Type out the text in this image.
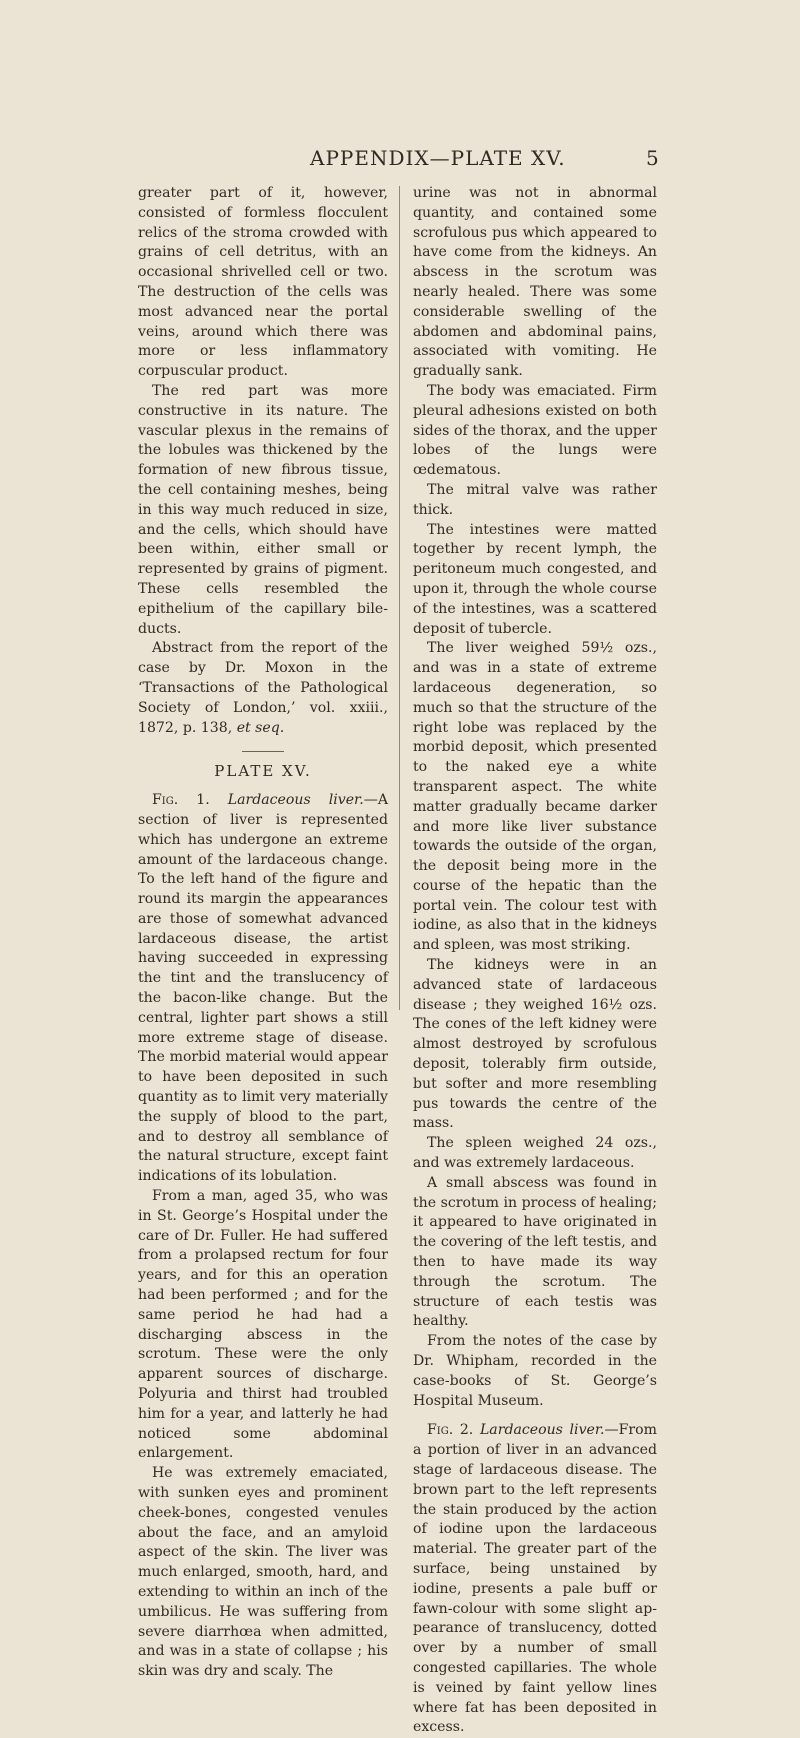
APPENDIX—PLATE XV.	5

greater part of it, however, consisted of formless flocculent relics of the stroma crowded with grains of cell detritus, with an occasional shrivelled cell or two. The destruction of the cells was most advanced near the portal veins, around which there was more or less inflammatory corpuscular product.

The red part was more constructive in its nature. The vascular plexus in the remains of the lobules was thickened by the formation of new fibrous tissue, the cell containing meshes, being in this way much reduced in size, and the cells, which should have been within, either small or represented by grains of pigment. These cells resembled the epithelium of the capillary bile-ducts.

Abstract from the report of the case by Dr. Moxon in the ‘Transactions of the Pathological Society of London,’ vol. xxiii., 1872, p. 138, et seq.

PLATE XV.

Fig. 1. Lardaceous liver.—A section of liver is represented which has undergone an extreme amount of the lardaceous change. To the left hand of the figure and round its margin the appearances are those of somewhat advanced lardaceous disease, the artist having succeeded in expressing the tint and the translucency of the bacon-like change. But the central, lighter part shows a still more extreme stage of disease. The morbid material would appear to have been deposited in such quantity as to limit very materially the supply of blood to the part, and to destroy all semblance of the natural structure, except faint indications of its lobulation.

From a man, aged 35, who was in St. George’s Hospital under the care of Dr. Fuller. He had suffered from a prolapsed rectum for four years, and for this an operation had been performed ; and for the same period he had had a discharging abscess in the scrotum. These were the only apparent sources of discharge. Polyuria and thirst had troubled him for a year, and latterly he had noticed some abdominal enlargement.

He was extremely emaciated, with sunken eyes and prominent cheek-bones, congested venules about the face, and an amyloid aspect of the skin. The liver was much enlarged, smooth, hard, and extending to within an inch of the umbilicus. He was suffering from severe diarrhœa when admitted, and was in a state of collapse ; his skin was dry and scaly. The

urine was not in abnormal quantity, and contained some scrofulous pus which appeared to have come from the kidneys. An abscess in the scrotum was nearly healed. There was some considerable swelling of the abdomen and abdominal pains, associated with vomiting. He gradually sank.

The body was emaciated. Firm pleural adhesions existed on both sides of the thorax, and the upper lobes of the lungs were œdematous.

The mitral valve was rather thick.

The intestines were matted together by recent lymph, the peritoneum much congested, and upon it, through the whole course of the intestines, was a scattered deposit of tubercle.

The liver weighed 59½ ozs., and was in a state of extreme lardaceous degeneration, so much so that the structure of the right lobe was replaced by the morbid deposit, which presented to the naked eye a white transparent aspect. The white matter gradually became darker and more like liver substance towards the outside of the organ, the deposit being more in the course of the hepatic than the portal vein. The colour test with iodine, as also that in the kidneys and spleen, was most striking.

The kidneys were in an advanced state of lardaceous disease ; they weighed 16½ ozs. The cones of the left kidney were almost destroyed by scrofulous deposit, tolerably firm outside, but softer and more resembling pus towards the centre of the mass.

The spleen weighed 24 ozs., and was extremely lardaceous.

A small abscess was found in the scrotum in process of healing; it appeared to have originated in the covering of the left testis, and then to have made its way through the scrotum. The structure of each testis was healthy.

From the notes of the case by Dr. Whipham, recorded in the case-books of St. George’s Hospital Museum.

Fig. 2. Lardaceous liver.—From a portion of liver in an advanced stage of lardaceous disease. The brown part to the left represents the stain produced by the action of iodine upon the lardaceous material. The greater part of the surface, being unstained by iodine, presents a pale buff or fawn-colour with some slight appearance of translucency, dotted over by a number of small congested capillaries. The whole is veined by faint yellow lines where fat has been deposited in excess.
